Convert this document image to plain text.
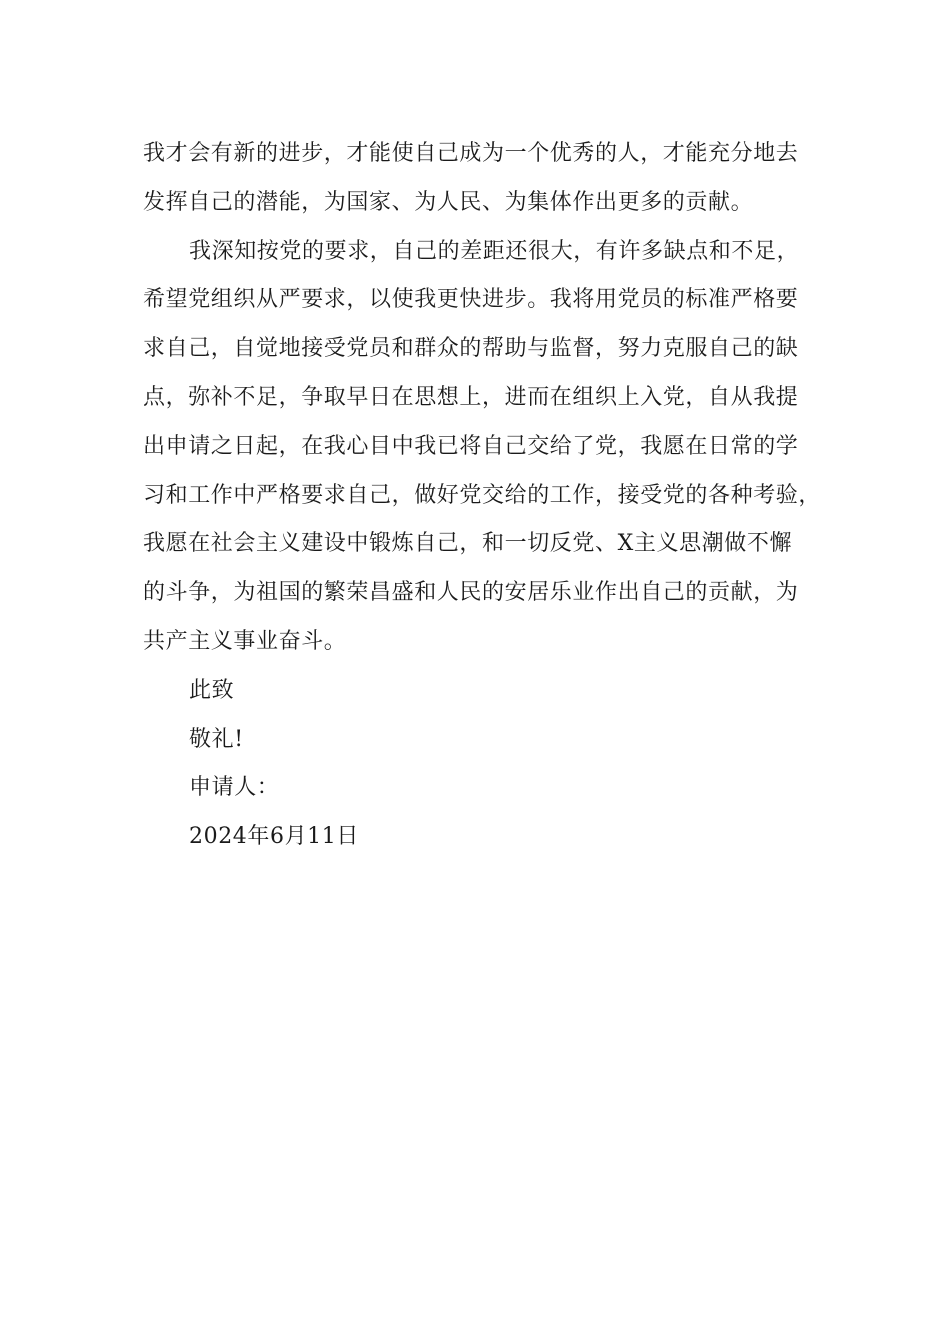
我才会有新的进步，才能使自己成为一个优秀的人，才能充分地去
发挥自己的潜能，为国家、为人民、为集体作出更多的贡献。
我深知按党的要求，自己的差距还很大，有许多缺点和不足，
希望党组织从严要求，以使我更快进步。我将用党员的标准严格要
求自己，自觉地接受党员和群众的帮助与监督，努力克服自己的缺
点，弥补不足，争取早日在思想上，进而在组织上入党，自从我提
出申请之日起，在我心目中我已将自己交给了党，我愿在日常的学
习和工作中严格要求自己，做好党交给的工作，接受党的各种考验，
我愿在社会主义建设中锻炼自己，和一切反党、X主义思潮做不懈
的斗争，为祖国的繁荣昌盛和人民的安居乐业作出自己的贡献，为
共产主义事业奋斗。
此致
敬礼!
申请人：
2024年6月11日
